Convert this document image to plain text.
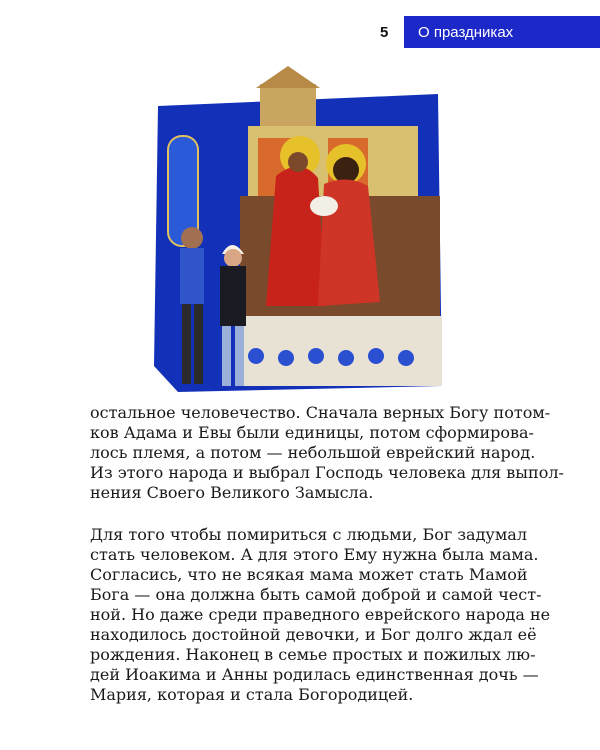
5	О праздниках
остальное человечество. Сначала верных Богу потом-
ков Адама и Евы были единицы, потом сформирова-
лось племя, а потом — небольшой еврейский народ.
Из этого народа и выбрал Господь человека для выпол-
нения Своего Великого Замысла.
Для того чтобы помириться с людьми, Бог задумал
стать человеком. А для этого Ему нужна была мама.
Согласись, что не всякая мама может стать Мамой
Бога — она должна быть самой доброй и самой чест-
ной. Но даже среди праведного еврейского народа не
находилось достойной девочки, и Бог долго ждал её
рождения. Наконец в семье простых и пожилых лю-
дей Иоакима и Анны родилась единственная дочь —
Мария, которая и стала Богородицей.
